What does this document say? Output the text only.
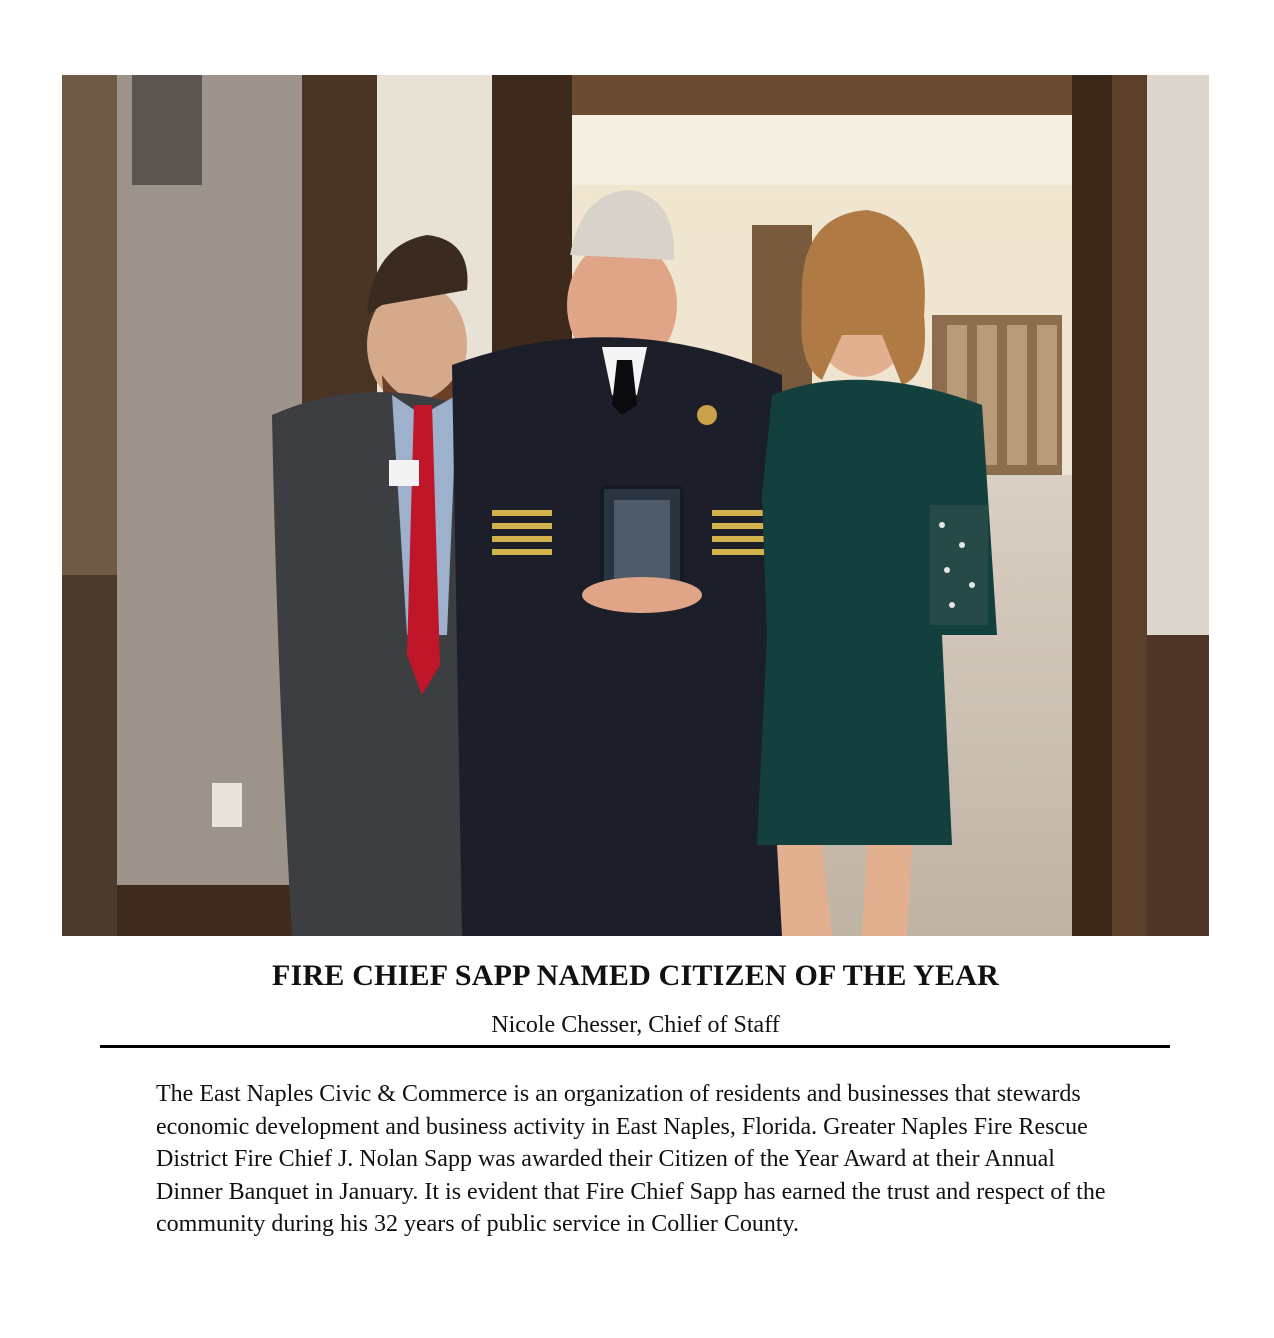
FIRE CHIEF SAPP NAMED CITIZEN OF THE YEAR

Nicole Chesser, Chief of Staff

The East Naples Civic & Commerce is an organization of residents and businesses that stewards economic development and business activity in East Naples, Florida. Greater Naples Fire Rescue District Fire Chief J. Nolan Sapp was awarded their Citizen of the Year Award at their Annual Dinner Banquet in January. It is evident that Fire Chief Sapp has earned the trust and respect of the community during his 32 years of public service in Collier County.
